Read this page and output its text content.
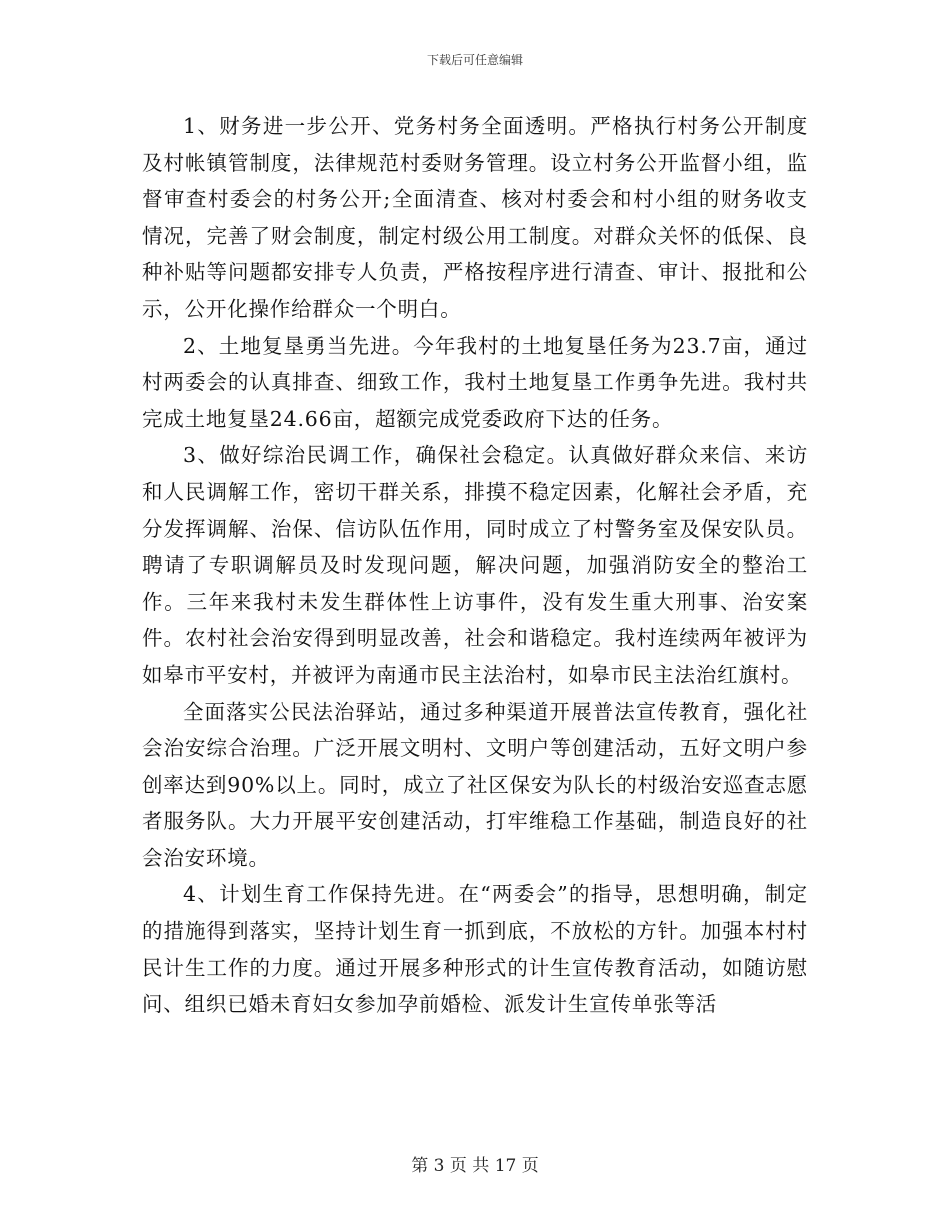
下载后可任意编辑

1、财务进一步公开、党务村务全面透明。严格执行村务公开制度及村帐镇管制度，法律规范村委财务管理。设立村务公开监督小组，监督审查村委会的村务公开;全面清查、核对村委会和村小组的财务收支情况，完善了财会制度，制定村级公用工制度。对群众关怀的低保、良种补贴等问题都安排专人负责，严格按程序进行清查、审计、报批和公示，公开化操作给群众一个明白。

2、土地复垦勇当先进。今年我村的土地复垦任务为23.7亩，通过村两委会的认真排查、细致工作，我村土地复垦工作勇争先进。我村共完成土地复垦24.66亩，超额完成党委政府下达的任务。

3、做好综治民调工作，确保社会稳定。认真做好群众来信、来访和人民调解工作，密切干群关系，排摸不稳定因素，化解社会矛盾，充分发挥调解、治保、信访队伍作用，同时成立了村警务室及保安队员。聘请了专职调解员及时发现问题，解决问题，加强消防安全的整治工作。三年来我村未发生群体性上访事件，没有发生重大刑事、治安案件。农村社会治安得到明显改善，社会和谐稳定。我村连续两年被评为如皋市平安村，并被评为南通市民主法治村，如皋市民主法治红旗村。

全面落实公民法治驿站，通过多种渠道开展普法宣传教育，强化社会治安综合治理。广泛开展文明村、文明户等创建活动，五好文明户参创率达到90%以上。同时，成立了社区保安为队长的村级治安巡查志愿者服务队。大力开展平安创建活动，打牢维稳工作基础，制造良好的社会治安环境。

4、计划生育工作保持先进。在“两委会”的指导，思想明确，制定的措施得到落实，坚持计划生育一抓到底，不放松的方针。加强本村村民计生工作的力度。通过开展多种形式的计生宣传教育活动，如随访慰问、组织已婚未育妇女参加孕前婚检、派发计生宣传单张等活

第 3 页 共 17 页
